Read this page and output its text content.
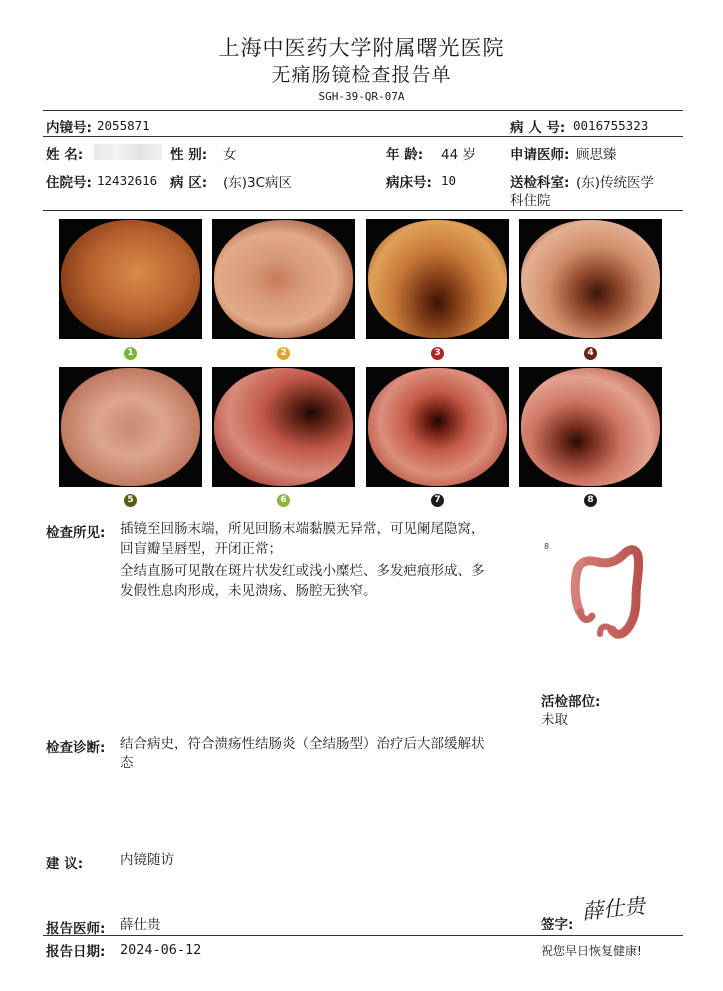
上海中医药大学附属曙光医院
无痛肠镜检查报告单
SGH-39-QR-07A
内镜号: 2055871	病 人 号: 0016755323
姓 名:	性 别: 女	年 龄: 44 岁	申请医师: 顾思臻
住院号: 12432616 病 区: (东)3C病区	病床号: 10	送检科室: (东)传统医学
科住院
1	2	3	4
5	6	7	8
检查所见: 插镜至回肠末端，所见回肠末端黏膜无异常，可见阑尾隐窝，
回盲瓣呈唇型，开闭正常；
全结直肠可见散在斑片状发红或浅小糜烂、多发疤痕形成、多
发假性息肉形成，未见溃疡、肠腔无狭窄。
8
活检部位:
未取
检查诊断: 结合病史，符合溃疡性结肠炎（全结肠型）治疗后大部缓解状
态
建 议:	内镜随访
报告医师: 薛仕贵	签字:
薛仕贵
报告日期: 2024-06-12	祝您早日恢复健康!
